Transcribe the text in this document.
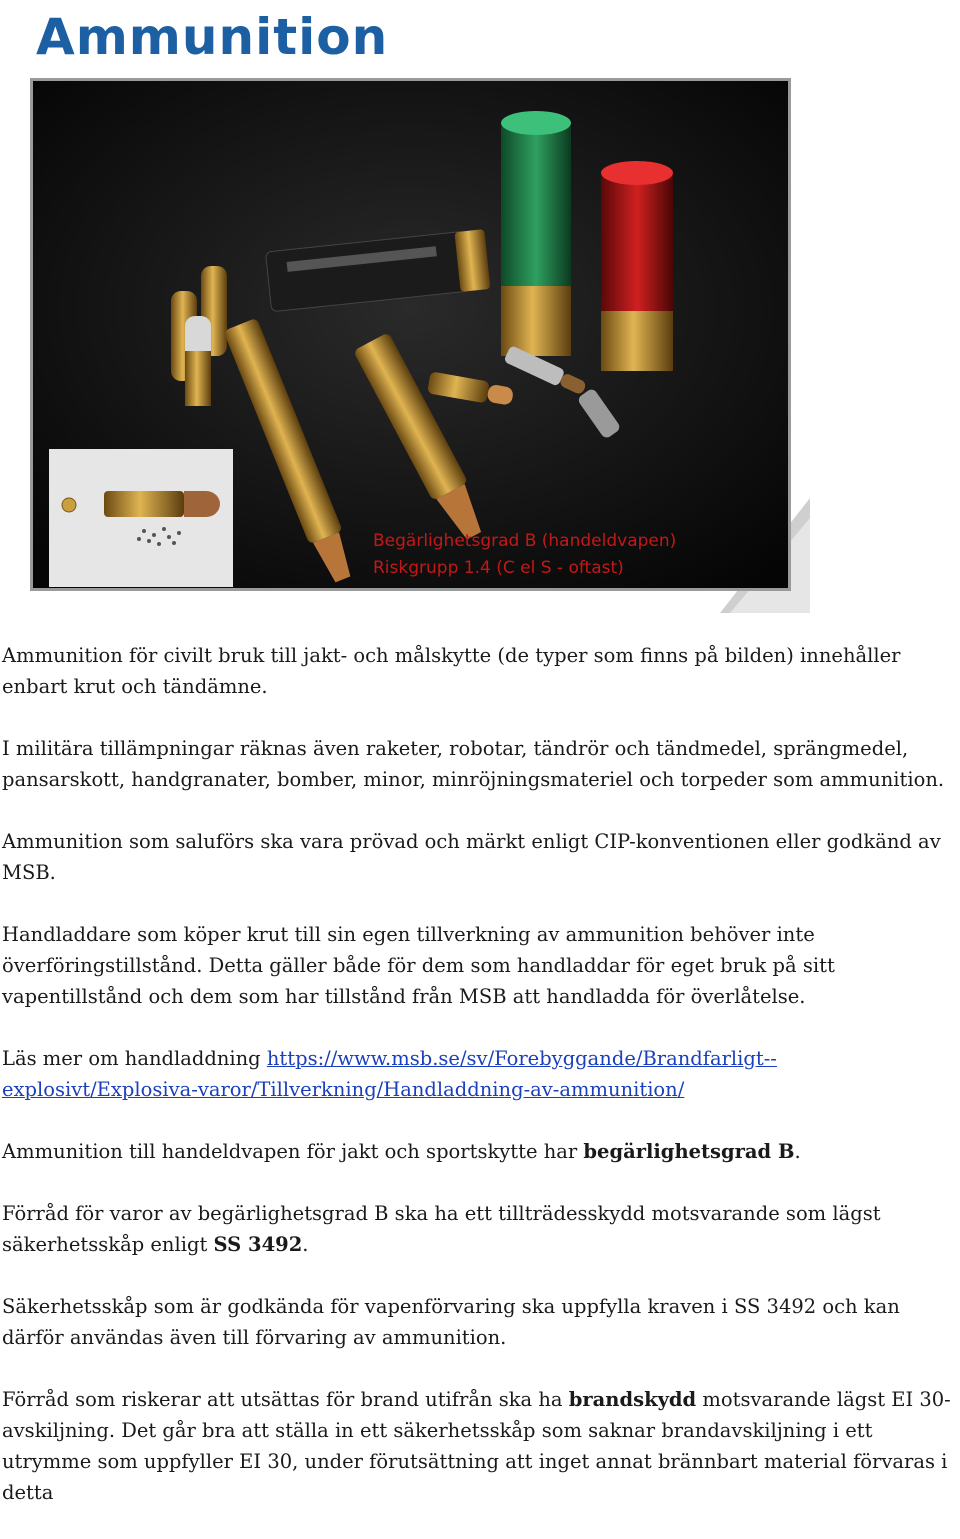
Ammunition
Begärlighetsgrad B (handeldvapen)
Riskgrupp 1.4 (C el S - oftast)

Ammunition för civilt bruk till jakt- och målskytte (de typer som finns på bilden) innehåller enbart krut och tändämne.

I militära tillämpningar räknas även raketer, robotar, tändrör och tändmedel, sprängmedel, pansarskott, handgranater, bomber, minor, minröjningsmateriel och torpeder som ammunition.

Ammunition som saluförs ska vara prövad och märkt enligt CIP-konventionen eller godkänd av MSB.

Handladdare som köper krut till sin egen tillverkning av ammunition behöver inte överföringstillstånd. Detta gäller både för dem som handladdar för eget bruk på sitt vapentillstånd och dem som har tillstånd från MSB att handladda för överlåtelse.

Läs mer om handladdning https://www.msb.se/sv/Forebyggande/Brandfarligt--explosivt/Explosiva-varor/Tillverkning/Handladdning-av-ammunition/

Ammunition till handeldvapen för jakt och sportskytte har begärlighetsgrad B.

Förråd för varor av begärlighetsgrad B ska ha ett tillträdesskydd motsvarande som lägst säkerhetsskåp enligt SS 3492.

Säkerhetsskåp som är godkända för vapenförvaring ska uppfylla kraven i SS 3492 och kan därför användas även till förvaring av ammunition.

Förråd som riskerar att utsättas för brand utifrån ska ha brandskydd motsvarande lägst EI 30-avskiljning. Det går bra att ställa in ett säkerhetsskåp som saknar brandavskiljning i ett utrymme som uppfyller EI 30, under förutsättning att inget annat brännbart material förvaras i detta
